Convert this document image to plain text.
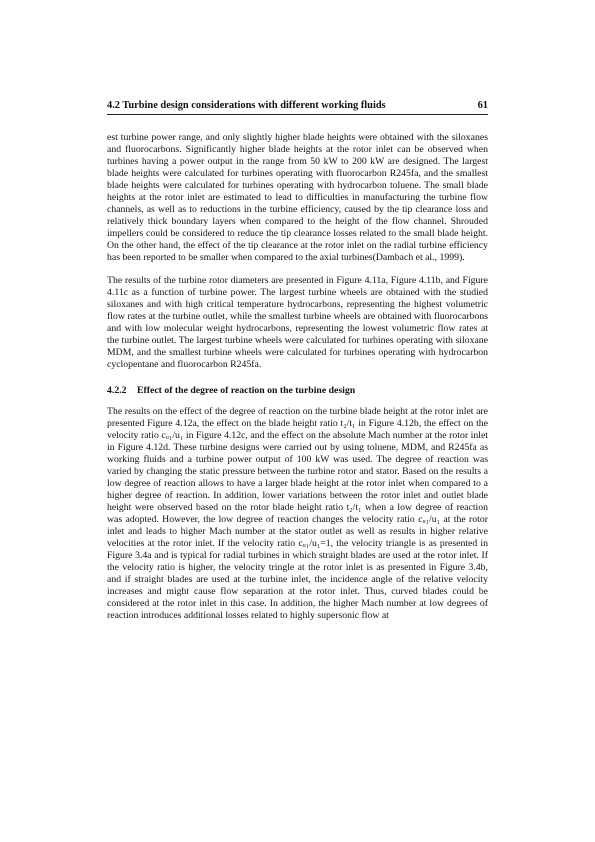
4.2 Turbine design considerations with different working fluids	61

est turbine power range, and only slightly higher blade heights were obtained with the siloxanes and fluorocarbons. Significantly higher blade heights at the rotor inlet can be observed when turbines having a power output in the range from 50 kW to 200 kW are designed. The largest blade heights were calculated for turbines operating with fluorocarbon R245fa, and the smallest blade heights were calculated for turbines operating with hydrocarbon toluene. The small blade heights at the rotor inlet are estimated to lead to difficulties in manufacturing the turbine flow channels, as well as to reductions in the turbine efficiency, caused by the tip clearance loss and relatively thick boundary layers when compared to the height of the flow channel. Shrouded impellers could be considered to reduce the tip clearance losses related to the small blade height. On the other hand, the effect of the tip clearance at the rotor inlet on the radial turbine efficiency has been reported to be smaller when compared to the axial turbines(Dambach et al., 1999).

The results of the turbine rotor diameters are presented in Figure 4.11a, Figure 4.11b, and Figure 4.11c as a function of turbine power. The largest turbine wheels are obtained with the studied siloxanes and with high critical temperature hydrocarbons, representing the highest volumetric flow rates at the turbine outlet, while the smallest turbine wheels are obtained with fluorocarbons and with low molecular weight hydrocarbons, representing the lowest volumetric flow rates at the turbine outlet. The largest turbine wheels were calculated for turbines operating with siloxane MDM, and the smallest turbine wheels were calculated for turbines operating with hydrocarbon cyclopentane and fluorocarbon R245fa.

4.2.2 Effect of the degree of reaction on the turbine design

The results on the effect of the degree of reaction on the turbine blade height at the rotor inlet are presented Figure 4.12a, the effect on the blade height ratio t₂/t₁ in Figure 4.12b, the effect on the velocity ratio cᵤ₁/u₁ in Figure 4.12c, and the effect on the absolute Mach number at the rotor inlet in Figure 4.12d. These turbine designs were carried out by using toluene, MDM, and R245fa as working fluids and a turbine power output of 100 kW was used. The degree of reaction was varied by changing the static pressure between the turbine rotor and stator. Based on the results a low degree of reaction allows to have a larger blade height at the rotor inlet when compared to a higher degree of reaction. In addition, lower variations between the rotor inlet and outlet blade height were observed based on the rotor blade height ratio t₂/t₁ when a low degree of reaction was adopted. However, the low degree of reaction changes the velocity ratio cᵤ₁/u₁ at the rotor inlet and leads to higher Mach number at the stator outlet as well as results in higher relative velocities at the rotor inlet. If the velocity ratio cᵤ₁/u₁=1, the velocity triangle is as presented in Figure 3.4a and is typical for radial turbines in which straight blades are used at the rotor inlet. If the velocity ratio is higher, the velocity tringle at the rotor inlet is as presented in Figure 3.4b, and if straight blades are used at the turbine inlet, the incidence angle of the relative velocity increases and might cause flow separation at the rotor inlet. Thus, curved blades could be considered at the rotor inlet in this case. In addition, the higher Mach number at low degrees of reaction introduces additional losses related to highly supersonic flow at
